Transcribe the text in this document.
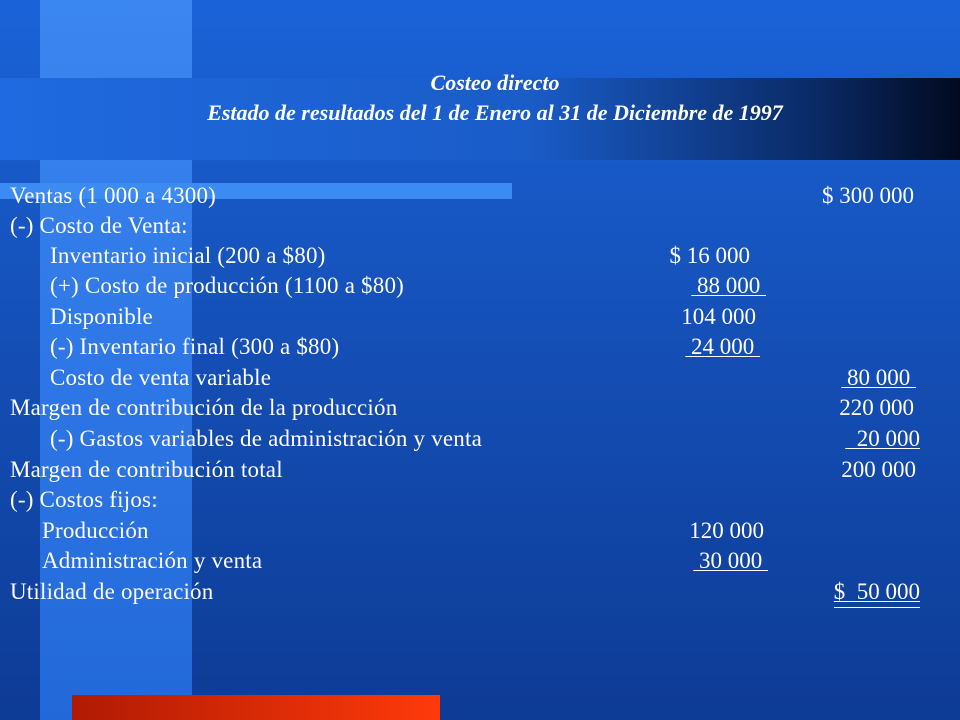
Costeo directo
Estado de resultados del 1 de Enero al 31 de Diciembre de 1997
Ventas (1 000 a 4300)	$ 300 000
(-) Costo de Venta:
Inventario inicial (200 a $80)	$ 16 000
(+) Costo de producción (1100 a $80)	88 000
Disponible	104 000
(-) Inventario final (300 a $80)	24 000
Costo de venta variable	80 000
Margen de contribución de la producción	220 000
(-) Gastos variables de administración y venta	20 000
Margen de contribución total	200 000
(-) Costos fijos:
Producción	120 000
Administración y venta	30 000
Utilidad de operación	$  50 000
